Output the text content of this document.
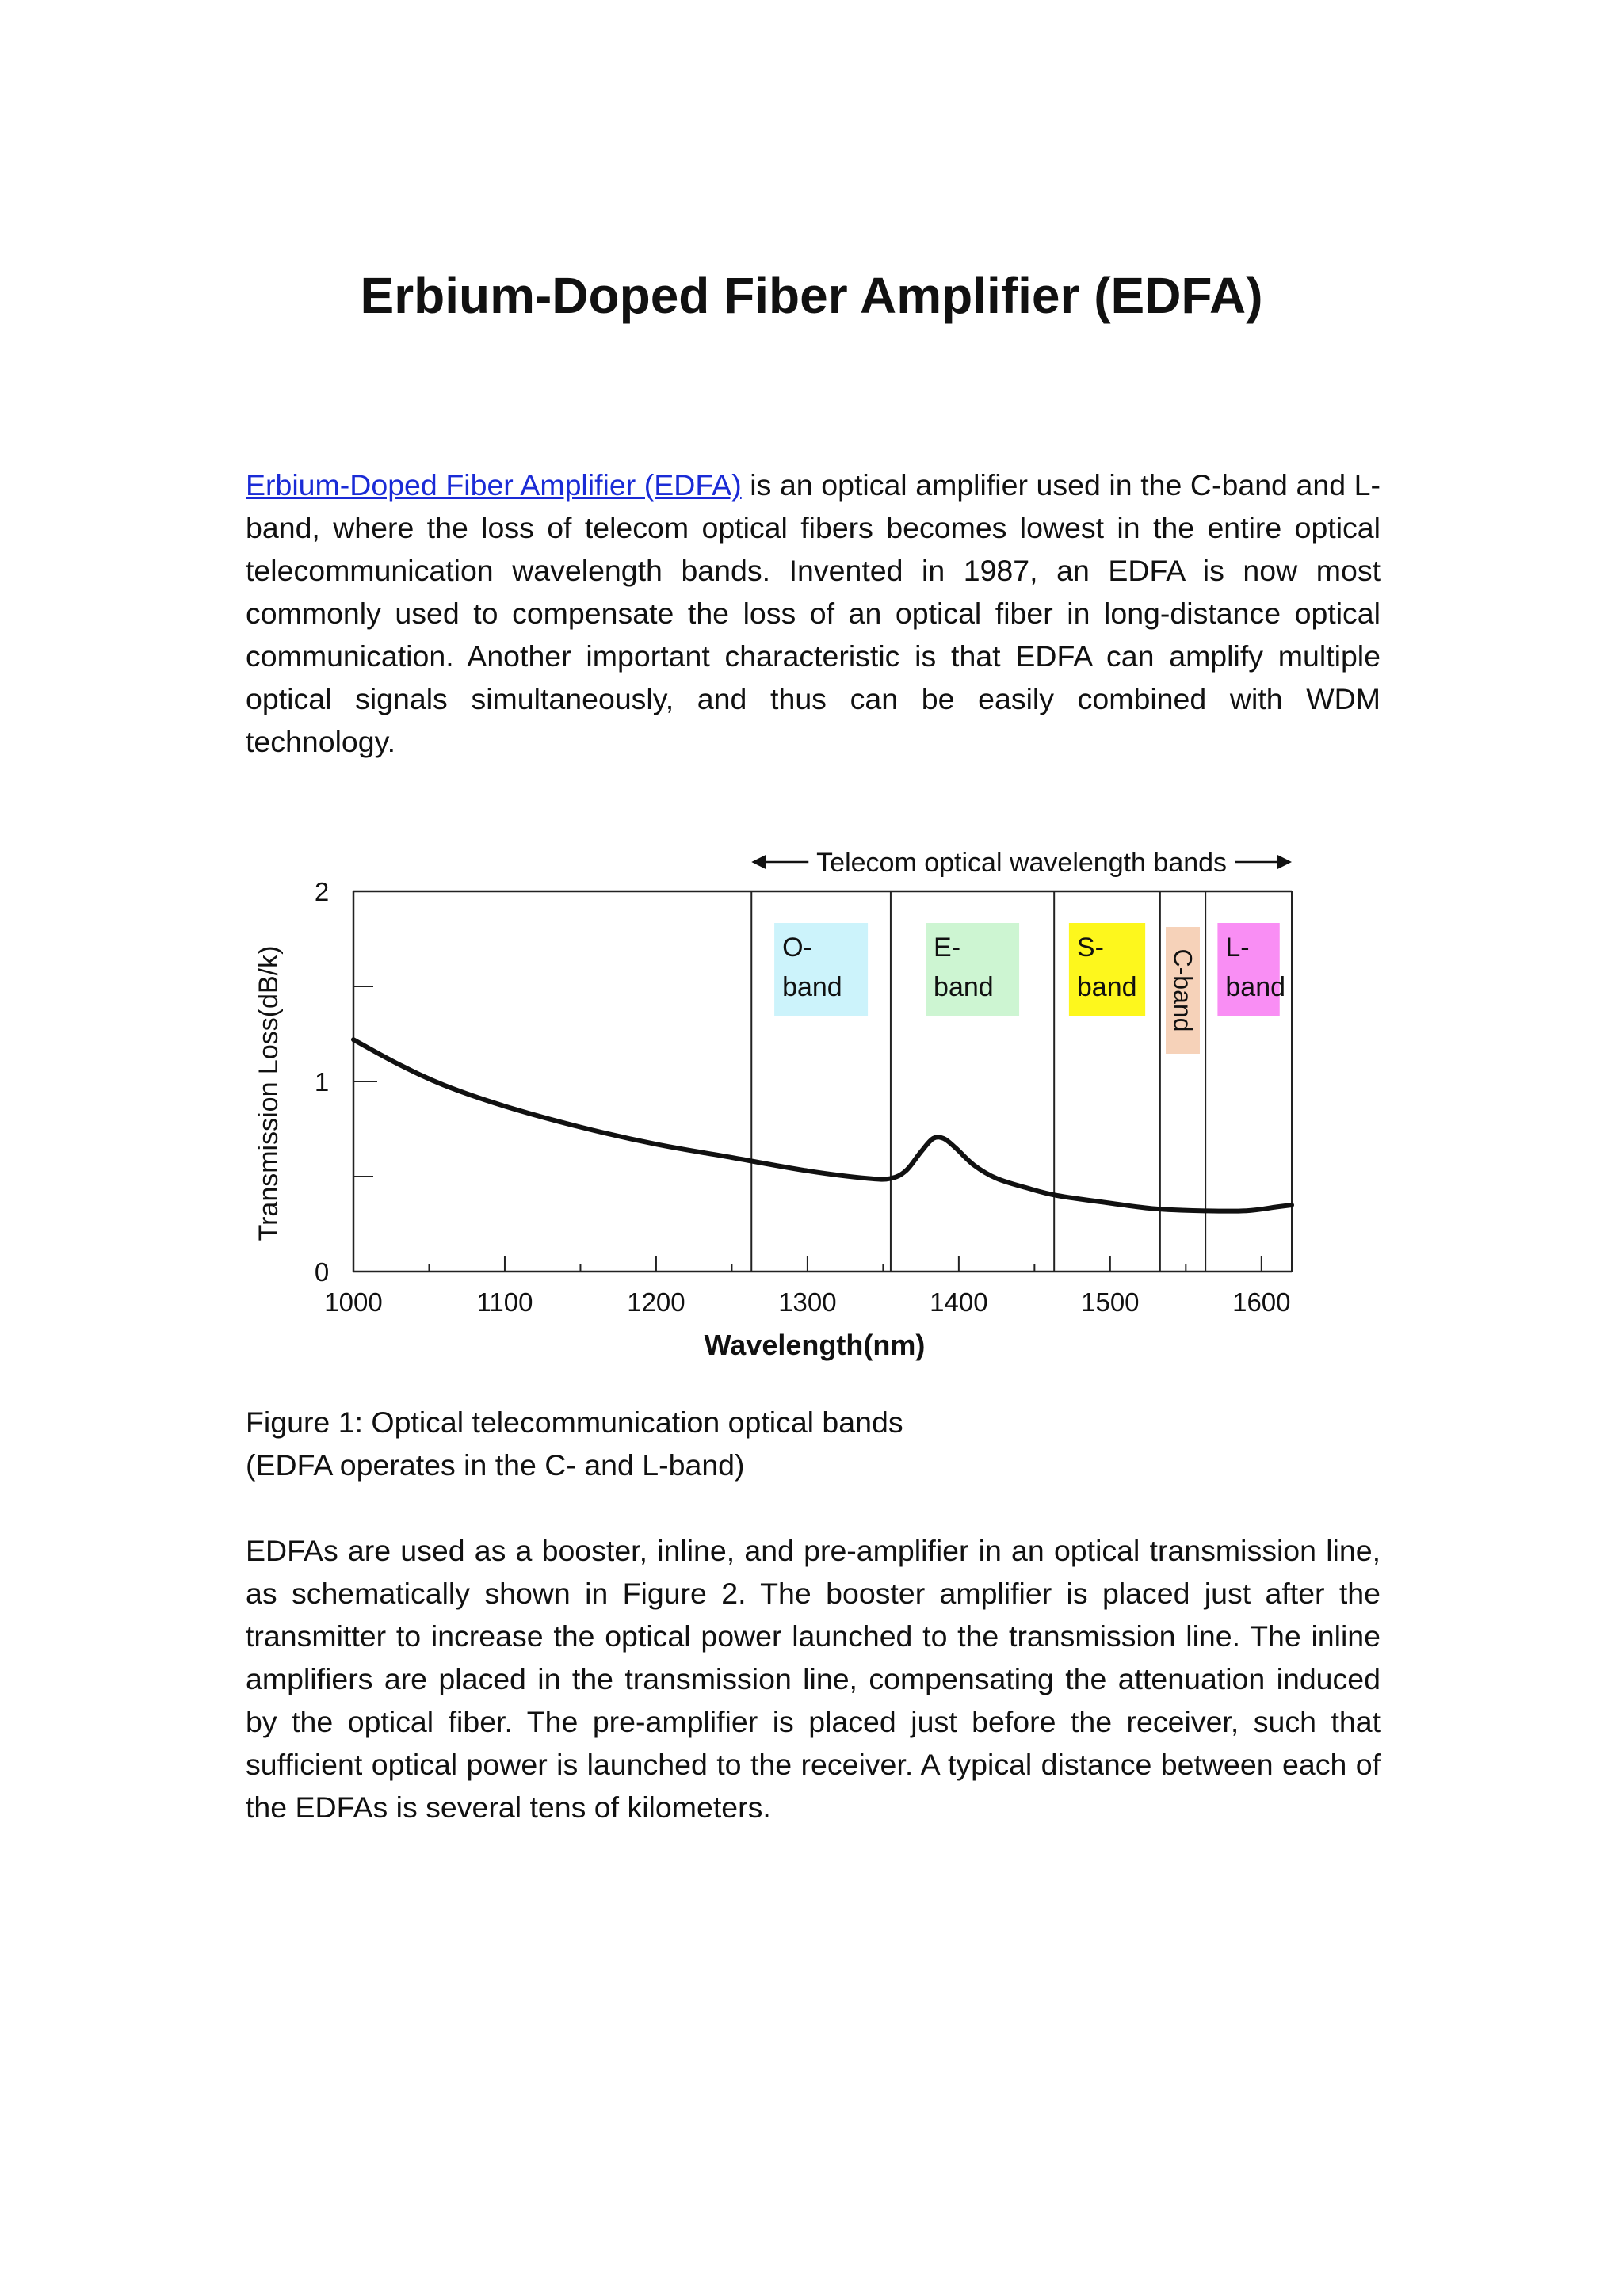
Erbium-Doped Fiber Amplifier (EDFA)

Erbium-Doped Fiber Amplifier (EDFA) is an optical amplifier used in the C-band and L-band, where the loss of telecom optical fibers becomes lowest in the entire optical telecommunication wavelength bands. Invented in 1987, an EDFA is now most commonly used to compensate the loss of an optical fiber in long-distance optical communication. Another important characteristic is that EDFA can amplify multiple optical signals simultaneously, and thus can be easily combined with WDM technology.

O-
band
E-
band
S-
band C-band
L-
band
0
1
2
1000	1100	1200	1300	1400	1500	1600
Wavelength(nm)
Transmission Loss(dB/k)
Telecom optical wavelength bands
Figure 1: Optical telecommunication optical bands
(EDFA operates in the C- and L-band)

EDFAs are used as a booster, inline, and pre-amplifier in an optical transmission line, as schematically shown in Figure 2. The booster amplifier is placed just after the transmitter to increase the optical power launched to the transmission line. The inline amplifiers are placed in the transmission line, compensating the attenuation induced by the optical fiber. The pre-amplifier is placed just before the receiver, such that sufficient optical power is launched to the receiver. A typical distance between each of the EDFAs is several tens of kilometers.
